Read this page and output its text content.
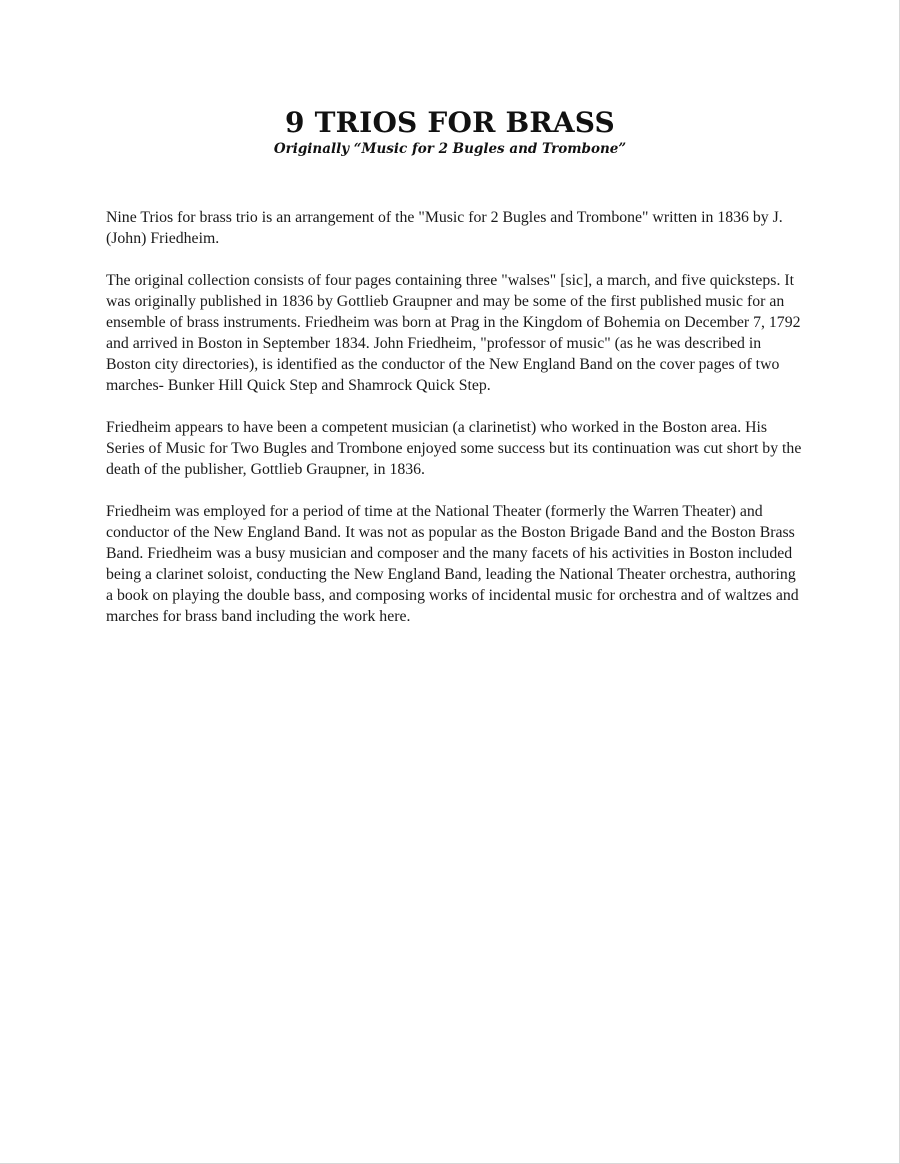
9 TRIOS FOR BRASS

Originally “Music for 2 Bugles and Trombone”

Nine Trios for brass trio is an arrangement of the "Music for 2 Bugles and Trombone" written in 1836 by J. (John) Friedheim.

The original collection consists of four pages containing three "walses" [sic], a march, and five quicksteps. It was originally published in 1836 by Gottlieb Graupner and may be some of the first published music for an ensemble of brass instruments. Friedheim was born at Prag in the Kingdom of Bohemia on December 7, 1792 and arrived in Boston in September 1834. John Friedheim, "professor of music" (as he was described in Boston city directories), is identified as the conductor of the New England Band on the cover pages of two marches- Bunker Hill Quick Step and Shamrock Quick Step.

Friedheim appears to have been a competent musician (a clarinetist) who worked in the Boston area. His Series of Music for Two Bugles and Trombone enjoyed some success but its continuation was cut short by the death of the publisher, Gottlieb Graupner, in 1836.

Friedheim was employed for a period of time at the National Theater (formerly the Warren Theater) and conductor of the New England Band. It was not as popular as the Boston Brigade Band and the Boston Brass Band. Friedheim was a busy musician and composer and the many facets of his activities in Boston included being a clarinet soloist, conducting the New England Band, leading the National Theater orchestra, authoring a book on playing the double bass, and composing works of incidental music for orchestra and of waltzes and marches for brass band including the work here.
